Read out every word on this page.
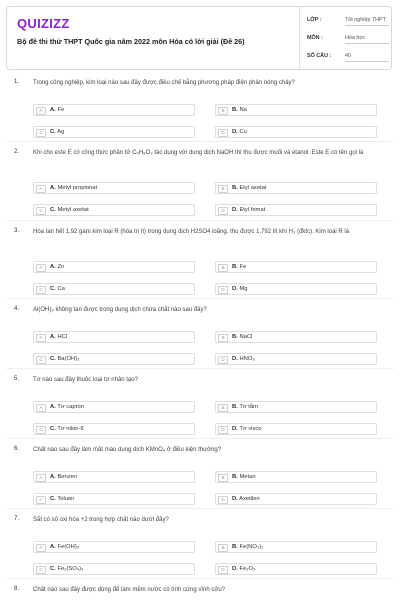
QUIZIZZ
Bộ đề thi thử THPT Quốc gia năm 2022 môn Hóa có lời giải (Đề 26)
LỚP :	Tốt nghiệp THPT
MÔN :	Hóa học
SỐ CÂU :	40
1. Trong công nghiệp, kim loại nào sau đây được điều chế bằng phương pháp điện phân nóng chảy?
A	A. Fe	B	B. Na
C	C. Ag	D	D. Cu
2. Khi cho este E có công thức phân tử C₅H₈O₂ tác dụng với dung dịch NaOH thì thu được muối và etanol. Este E có tên gọi là
A	A. Metyl propionat	B	B. Etyl axetat
C	C. Metyl axetat	D	D. Etyl fomat
3. Hòa tan hết 1,92 gam kim loại R (hóa trị II) trong dung dịch H2SO4 loãng, thu được 1,792 lít khí H₂ (đktc). Kim loại R là
A	A. Zn	B	B. Fe
C	C. Ca	D	D. Mg
4. Al(OH)₃ không tan được trong dung dịch chứa chất nào sau đây?
A	A. HCl	B	B. NaCl
C	C. Ba(OH)₂	D	D. HNO₃
5. Tơ nào sau đây thuộc loại tơ nhân tạo?
A	A. Tơ capron	B	B. Tơ tằm
C	C. Tơ nilon-6	D	D. Tơ visco
6. Chất nào sau đây làm mất màu dung dịch KMnO₄ ở điều kiện thường?
A	A. Benzen	B	B. Metan
C	C. Toluen	D	D. Axetilen
7. Sắt có số oxi hóa +2 trong hợp chất nào dưới đây?
A	A. Fe(OH)₃	B	B. Fe(NO₃)₂
C	C. Fe₂(SO₄)₃	D	D. Fe₂O₃
8. Chất nào sau đây được dùng để làm mềm nước có tính cứng vĩnh cửu?
